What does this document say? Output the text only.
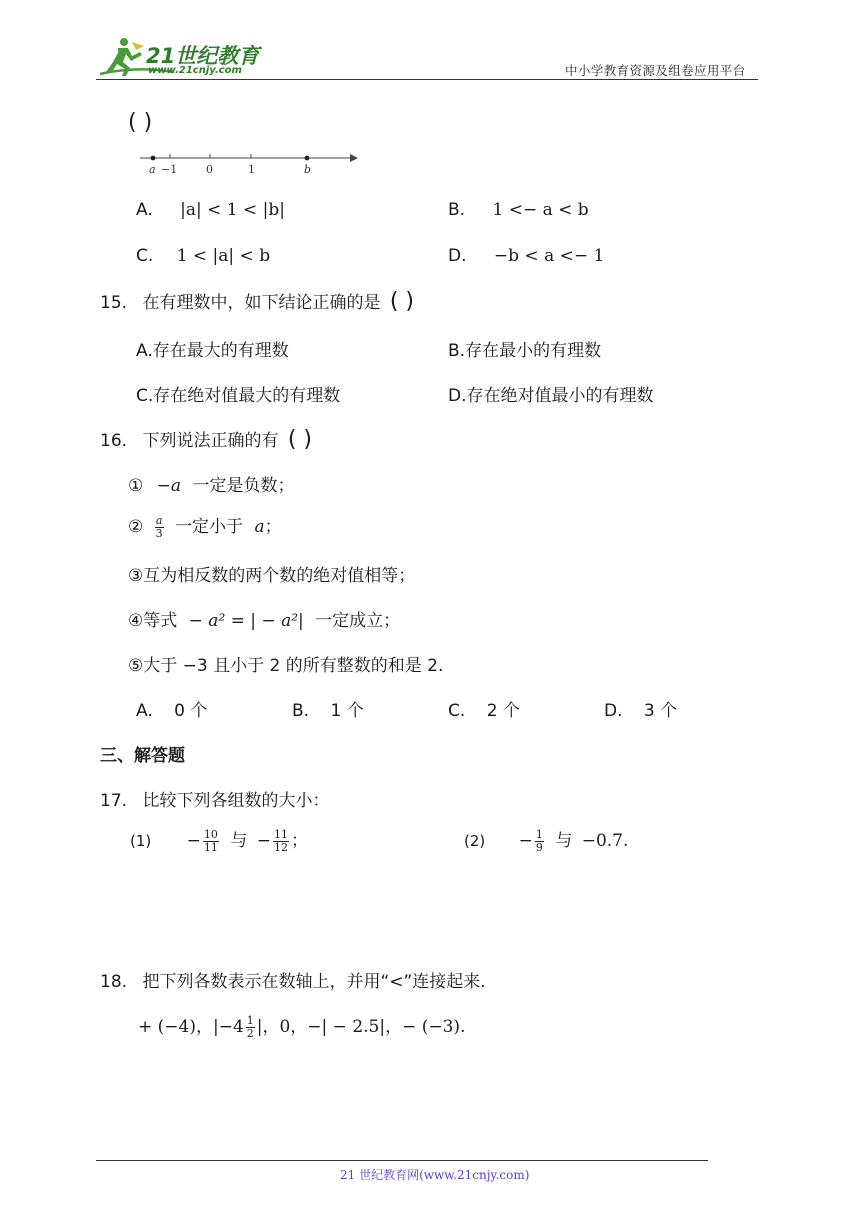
21世纪教育
www.21cnjy.com	中小学教育资源及组卷应用平台
( )
a −1	0	1	b
A. |a| < 1 < |b|	B. 1 <− a < b
C. 1 < |a| < b	D. −b < a <− 1
15. 在有理数中，如下结论正确的是 ( )
A.存在最大的有理数	B.存在最小的有理数
C.存在绝对值最大的有理数	D.存在绝对值最小的有理数
16. 下列说法正确的有 ( )
① −a 一定是负数；
② $\frac{a}{3}$ 一定小于 a；
③互为相反数的两个数的绝对值相等；
④等式 − a² = | − a²| 一定成立；
⑤大于 −3 且小于 2 的所有整数的和是 2.
A. 0 个	B. 1 个	C. 2 个	D. 3 个
三、解答题
17. 比较下列各组数的大小：
$(1) - \frac{10}{11}$ 与 − $\frac{11}{12}$ ；	$(2) - \frac{1}{9}$ 与 −0.7.
18. 把下列各数表示在数轴上，并用“<”连接起来.
+ (−4)，$|-4 \frac{1}{2}$ |，0，−| − 2.5|，− (−3).
21 世纪教育网(www.21cnjy.com)
